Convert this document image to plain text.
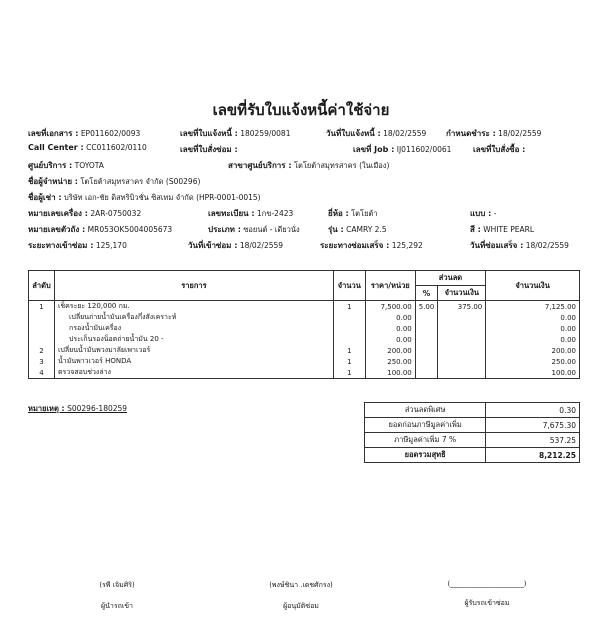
เลขที่รับใบแจ้งหนี้ค่าใช้จ่าย
เลขที่เอกสาร : EP011602/0093	เลขที่ใบแจ้งหนี้ : 180259/0081	วันที่ใบแจ้งหนี้ : 18/02/2559 กำหนดชำระ : 18/02/2559
Call Center : CC011602/0110	เลขที่ใบสั่งซ่อม :	เลขที่ Job : IJ011602/0061	เลขที่ใบสั่งซื้อ :
ศูนย์บริการ : TOYOTA	สาขาศูนย์บริการ : โตโยต้าสมุทรสาคร (ในเมือง)
ชื่อผู้จำหน่าย : โตโยต้าสมุทรสาคร จำกัด (S00296)
ชื่อผู้เช่า : บริษัท เอก-ชัย ดิสทริบิวชั่น ซิสเทม จำกัด (HPR-0001-0015)
หมายเลขเครื่อง : 2AR-0750032	เลขทะเบียน : 1กข-2423	ยี่ห้อ : โตโยต้า	แบบ : -
หมายเลขตัวถัง : MR053OK5004005673	ประเภท : ซอยนต์ - เดียวนั่ง	รุ่น : CAMRY 2.5	สี : WHITE PEARL
ระยะทางเข้าซ่อม : 125,170	วันที่เข้าซ่อม : 18/02/2559	ระยะทางซ่อมเสร็จ : 125,292	วันที่ซ่อมเสร็จ : 18/02/2559
ลำดับ	รายการ	จำนวน	ราคา/หน่วย	ส่วนลด		จำนวนเงิน
				%	จำนวนเงิน	
1	เช็คระยะ 120,000 กม.	1	7,500.00	5.00	375.00	7,125.00
	เปลี่ยนถ่ายน้ำมันเครื่องกึ่งสังเคราะห์		0.00			0.00
	กรองน้ำมันเครื่อง		0.00			0.00
	ประเก็นรองน็อตถ่ายน้ำมัน 20 -		0.00			0.00
2	เปลี่ยนน้ำมันพวงมาลัยเพาเวอร์	1	200.00			200.00
3	น้ำมันพาวเวอร์ HONDA	1	250.00			250.00
4	ตรวจสอบช่วงล่าง	1	100.00			100.00
หมายเหตุ : S00296-180259	ส่วนลดพิเศษ	0.30
ยอดก่อนภาษีมูลค่าเพิ่ม	7,675.30
ภาษีมูลค่าเพิ่ม 7 %	537.25
ยอดรวมสุทธิ	8,212.25
(รพี เจิมศิริ)
ผู้นำรถเข้า
(พงษ์ชินา .เดชศักรง)
ผู้อนุมัติซ่อม
(_____________________)
ผู้รับรถเข้าซ่อม
